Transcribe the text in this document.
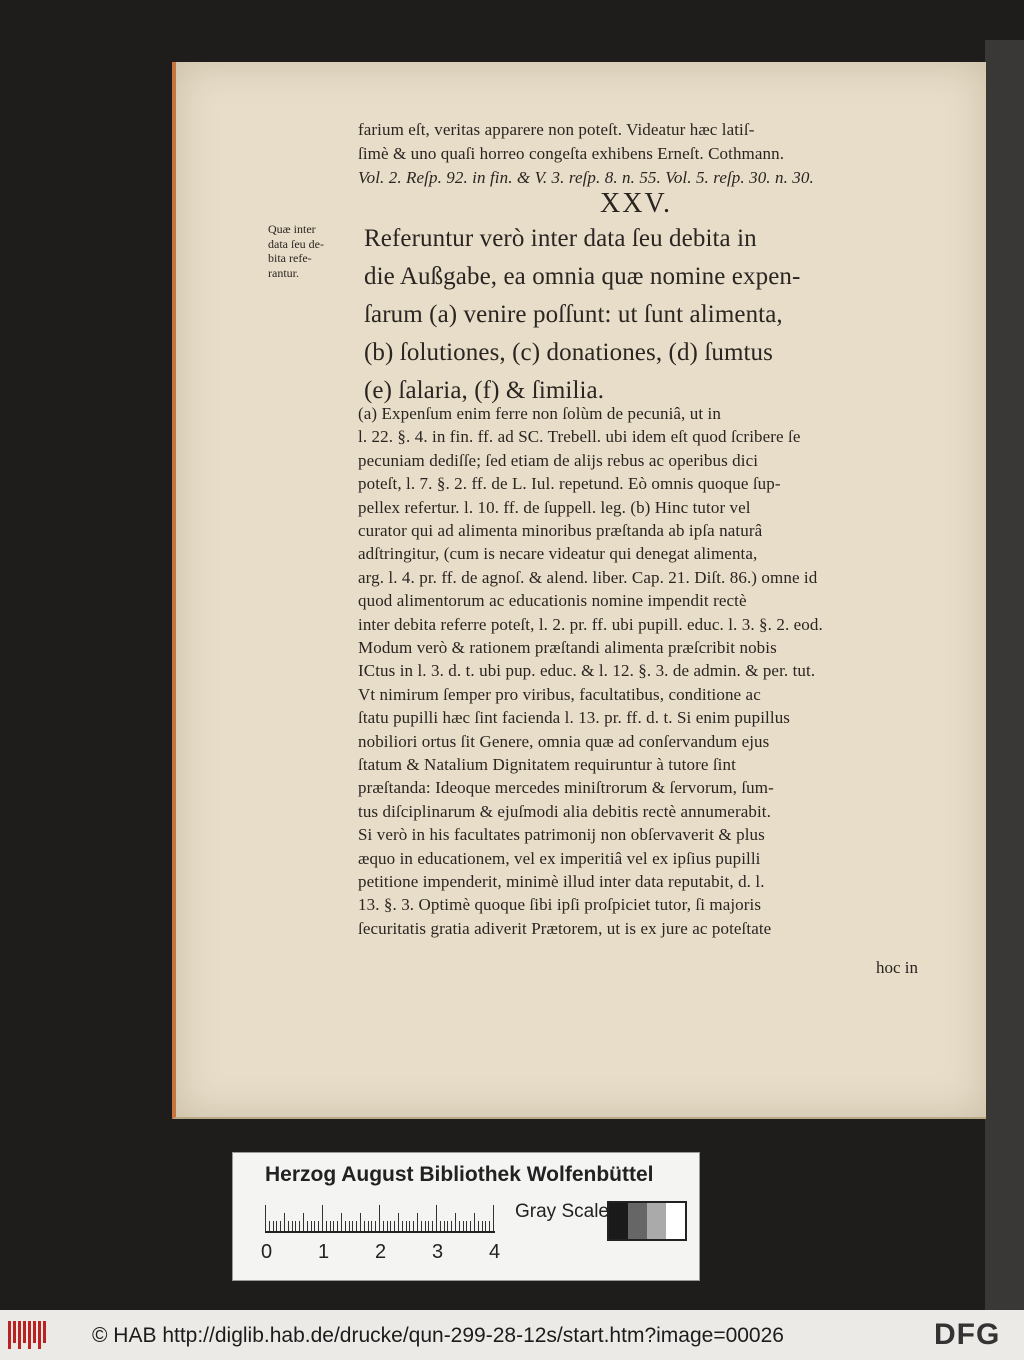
farium eſt, veritas apparere non poteſt. Videatur hæc latiſ-
ſimè & uno quaſi horreo congeſta exhibens Erneſt. Cothmann.
Vol. 2. Reſp. 92. in fin. & V. 3. reſp. 8. n. 55. Vol. 5. reſp. 30. n. 30.
XXV.
Quæ inter
data ſeu de-
bita refe-
rantur.
Referuntur verò inter data ſeu debita in
die Außgabe, ea omnia quæ nomine expen-
ſarum (a) venire poſſunt: ut ſunt alimenta,
(b) ſolutiones, (c) donationes, (d) ſumtus
(e) ſalaria, (f) & ſimilia.
(a) Expenſum enim ferre non ſolùm de pecuniâ, ut in
l. 22. §. 4. in fin. ff. ad SC. Trebell. ubi idem eſt quod ſcribere ſe
pecuniam dediſſe; ſed etiam de alijs rebus ac operibus dici
poteſt, l. 7. §. 2. ff. de L. Iul. repetund. Eò omnis quoque ſup-
pellex refertur. l. 10. ff. de ſuppell. leg. (b) Hinc tutor vel
curator qui ad alimenta minoribus præſtanda ab ipſa naturâ
adſtringitur, (cum is necare videatur qui denegat alimenta,
arg. l. 4. pr. ff. de agnoſ. & alend. liber. Cap. 21. Diſt. 86.) omne id
quod alimentorum ac educationis nomine impendit rectè
inter debita referre poteſt, l. 2. pr. ff. ubi pupill. educ. l. 3. §. 2. eod.
Modum verò & rationem præſtandi alimenta præſcribit nobis
ICtus in l. 3. d. t. ubi pup. educ. & l. 12. §. 3. de admin. & per. tut.
Vt nimirum ſemper pro viribus, facultatibus, conditione ac
ſtatu pupilli hæc ſint facienda l. 13. pr. ff. d. t. Si enim pupillus
nobiliori ortus ſit Genere, omnia quæ ad conſervandum ejus
ſtatum & Natalium Dignitatem requiruntur à tutore ſint
præſtanda: Ideoque mercedes miniſtrorum & ſervorum, ſum-
tus diſciplinarum & ejuſmodi alia debitis rectè annumerabit.
Si verò in his facultates patrimonij non obſervaverit & plus
æquo in educationem, vel ex imperitiâ vel ex ipſius pupilli
petitione impenderit, minimè illud inter data reputabit, d. l.
13. §. 3. Optimè quoque ſibi ipſi proſpiciet tutor, ſi majoris
ſecuritatis gratia adiverit Prætorem, ut is ex jure ac poteſtate
hoc in
Herzog August Bibliothek Wolfenbüttel
0 1 2 3 4
Gray Scale
© HAB http://diglib.hab.de/drucke/qun-299-28-12s/start.htm?image=00026	DFG
